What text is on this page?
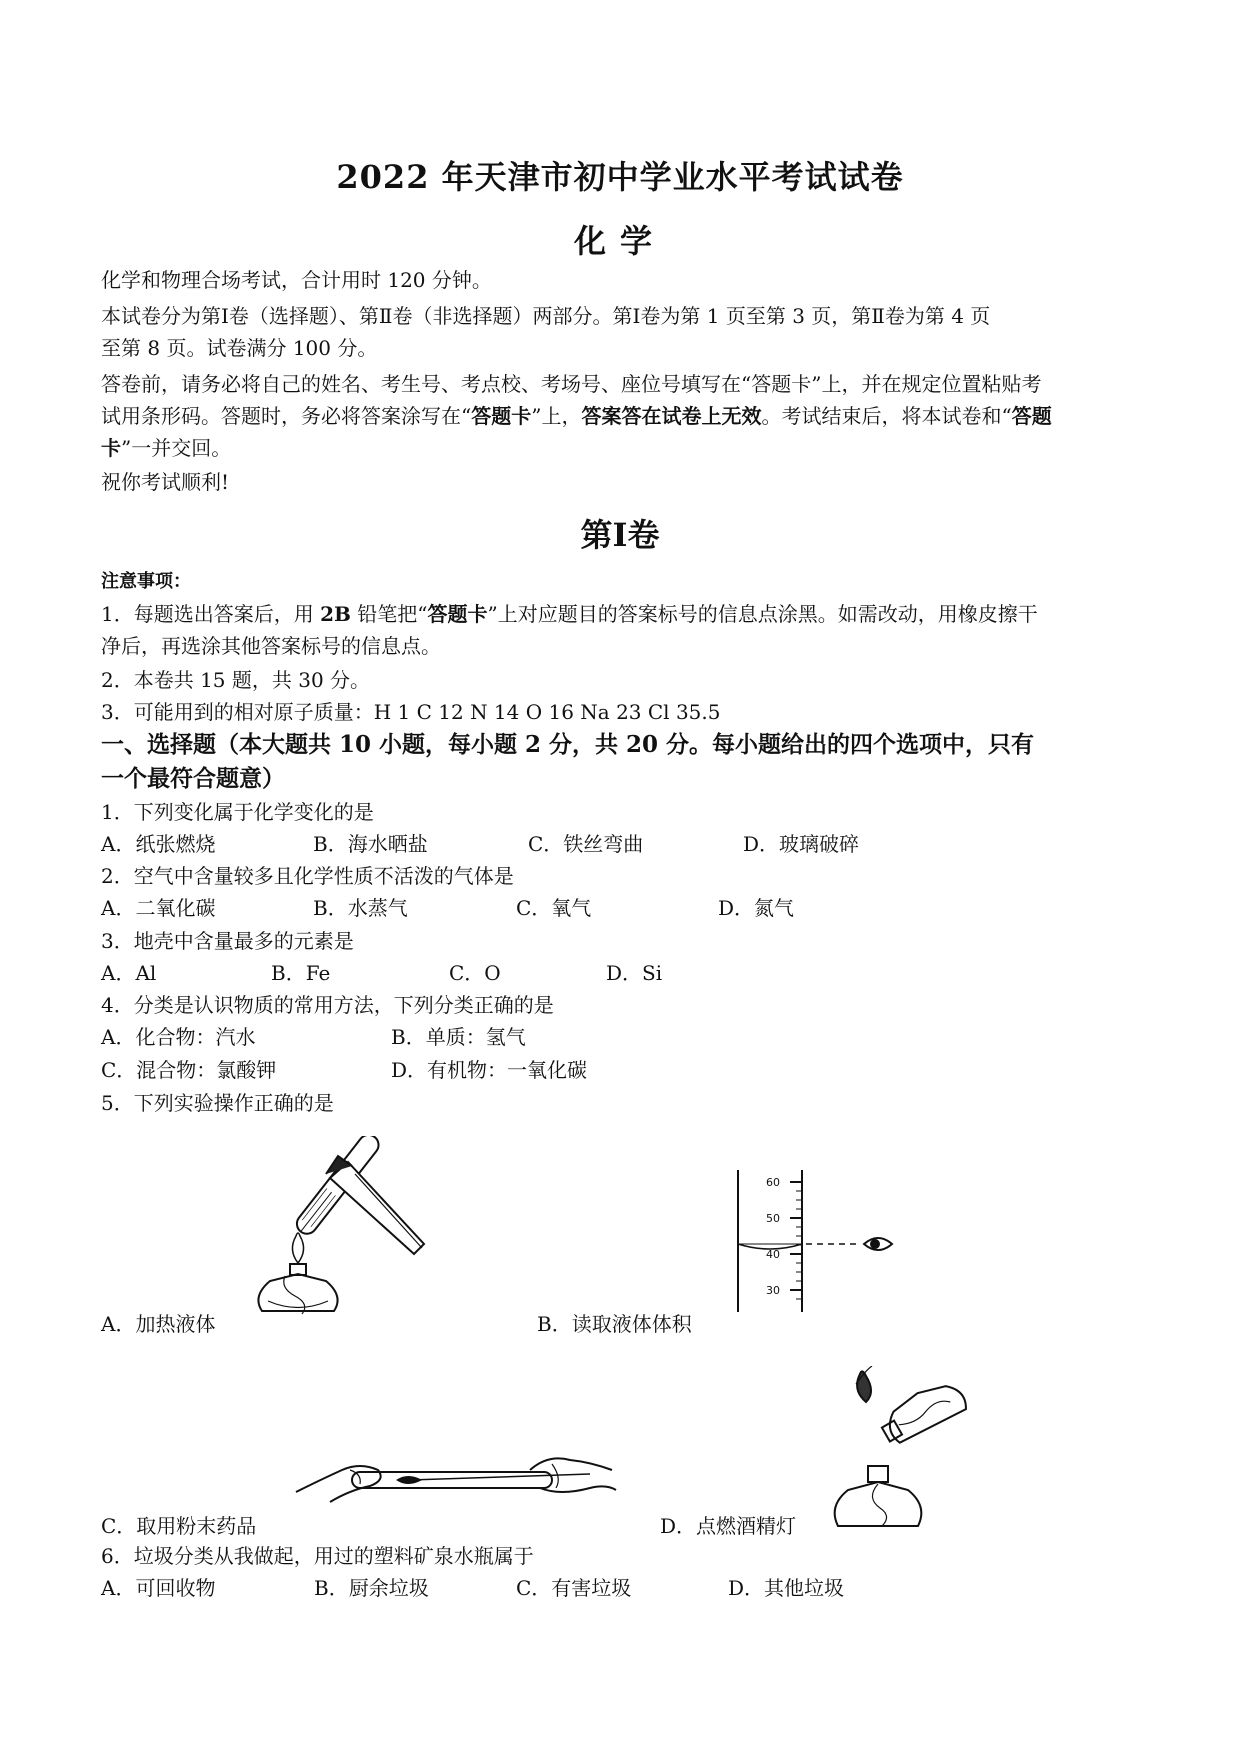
2022 年天津市初中学业水平考试试卷
化学

化学和物理合场考试，合计用时 120 分钟。

本试卷分为第Ⅰ卷（选择题）、第Ⅱ卷（非选择题）两部分。第Ⅰ卷为第 1 页至第 3 页，第Ⅱ卷为第 4 页

至第 8 页。试卷满分 100 分。

答卷前，请务必将自己的姓名、考生号、考点校、考场号、座位号填写在“答题卡”上，并在规定位置粘贴考

试用条形码。答题时，务必将答案涂写在“答题卡”上，答案答在试卷上无效。考试结束后，将本试卷和“答题

卡”一并交回。

祝你考试顺利!

第Ⅰ卷

注意事项：

1．每题选出答案后，用 2B 铅笔把“答题卡”上对应题目的答案标号的信息点涂黑。如需改动，用橡皮擦干

净后，再选涂其他答案标号的信息点。

2．本卷共 15 题，共 30 分。

3．可能用到的相对原子质量：H 1 C 12 N 14 O 16 Na 23 Cl 35.5

一、选择题（本大题共 10 小题，每小题 2 分，共 20 分。每小题给出的四个选项中，只有

一个最符合题意）

1．下列变化属于化学变化的是

A．纸张燃烧	B．海水晒盐	C．铁丝弯曲	D．玻璃破碎

2．空气中含量较多且化学性质不活泼的气体是

A．二氧化碳	B．水蒸气	C．氧气	D．氮气

3．地壳中含量最多的元素是

A．Al	B．Fe	C．O	D．Si

4．分类是认识物质的常用方法，下列分类正确的是

A．化合物：汽水	B．单质：氢气
C．混合物：氯酸钾	D．有机物：一氧化碳

5．下列实验操作正确的是

A．加热液体
60
50
40
30
B．读取液体体积
C．取用粉末药品	D．点燃酒精灯

6．垃圾分类从我做起，用过的塑料矿泉水瓶属于

A．可回收物	B．厨余垃圾	C．有害垃圾	D．其他垃圾
